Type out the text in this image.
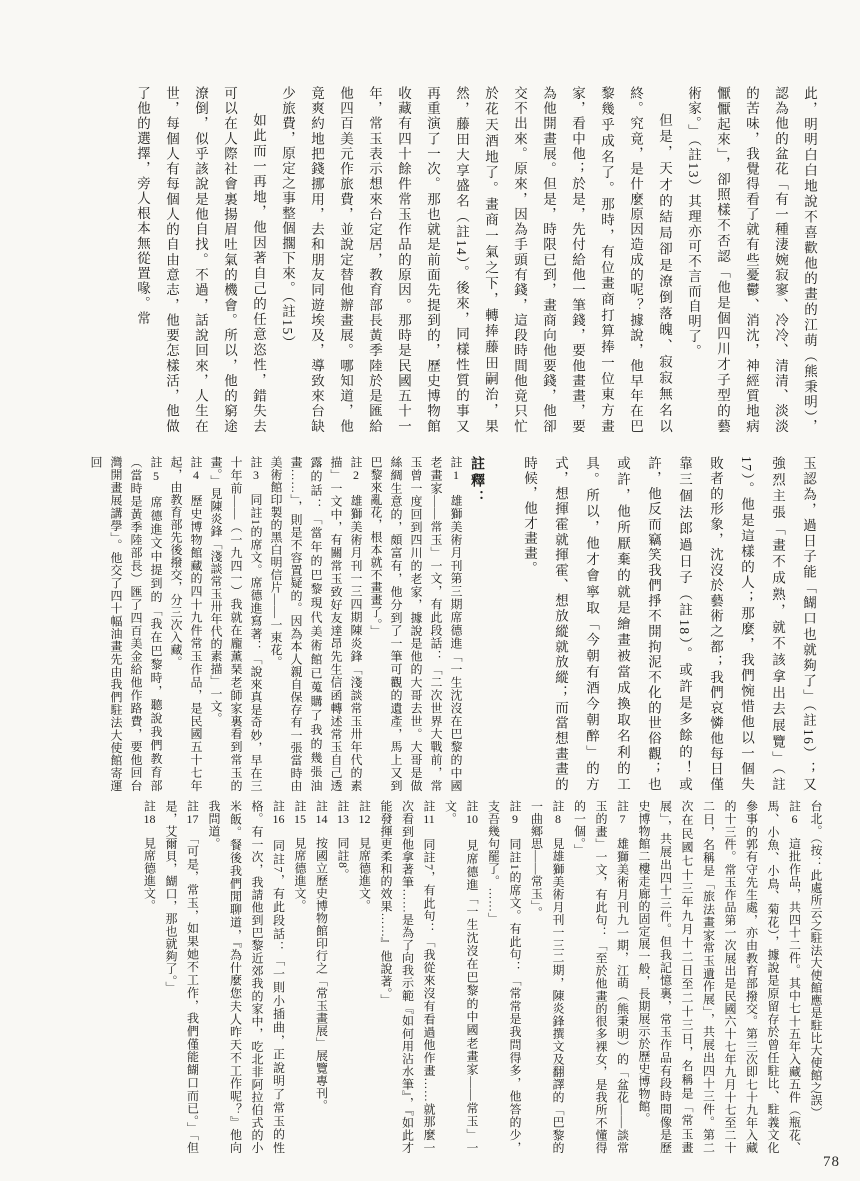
此，明明白白地說不喜歡他的畫的江萌（熊秉明），認為他的盆花「有一種淒婉寂寥、冷冷、清清、淡淡的苦味，我覺得看了就有些憂鬱、消沈，神經質地病懨懨起來」，卻照樣不否認「他是個四川才子型的藝術家。」（註13）其理亦可不言而自明了。

但是，天才的結局卻是潦倒落魄、寂寂無名以終。究竟，是什麼原因造成的呢？據說，他早年在巴黎幾乎成名了。那時，有位畫商打算捧一位東方畫家，看中他；於是，先付給他一筆錢，要他畫畫，要為他開畫展。但是，時限已到，畫商向他要錢，他卻交不出來。原來，因為手頭有錢，這段時間他竟只忙於花天酒地了。畫商一氣之下，轉捧藤田嗣治，果然，藤田大享盛名（註14）。後來，同樣性質的事又再重演了一次。那也就是前面先提到的，歷史博物館收藏有四十餘件常玉作品的原因。那時是民國五十一年，常玉表示想來台定居，教育部長黃季陸於是匯給他四百美元作旅費，並說定替他辦畫展。哪知道，他竟爽約地把錢挪用，去和朋友同遊埃及，導致來台缺少旅費，原定之事整個擱下來。（註15）

如此而一再地，他因著自己的任意恣性，錯失去可以在人際社會裏揚眉吐氣的機會。所以，他的窮途潦倒，似乎該說是他自找。不過，話說回來，人生在世，每個人有每個人的自由意志，他要怎樣活，他做了他的選擇，旁人根本無從置喙。常

玉認為，過日子能「餬口也就夠了」（註16）；又強烈主張「畫不成熟，就不該拿出去展覽」（註17）。他是這樣的人；那麼，我們惋惜他以一個失敗者的形象，沈沒於藝術之都；我們哀憐他每日僅靠三個法郎過日子（註18）。或許是多餘的！或許，他反而竊笑我們掙不開拘泥不化的世俗觀；也或許，他所厭棄的就是繪畫被當成換取名利的工具。所以，他才會寧取「今朝有酒今朝醉」的方式，想揮霍就揮霍、想放縱就放縱；而當想畫畫的時候，他才畫畫。

註釋：

註1　雄獅美術月刊第三期席德進「一生沈沒在巴黎的中國老畫家——常玉」一文，有此段話：「二次世界大戰前，常玉曾一度回到四川的老家，據說是他的大哥去世。大哥是做絲綢生意的，頗富有，他分到了一筆可觀的遺產，馬上又到巴黎來亂花，根本就不畫畫了。」

註2　雄獅美術月刊一三四期陳炎鋒「淺談常玉卅年代的素描」一文中，有關常玉致好友達昂先生信函轉述常玉自己透露的話：「當年的巴黎現代美術館已蒐購了我的幾張油畫……」，則是不容置疑的。因為本人親自保存有一張當時由美術館印製的黑白明信片——一束花。

註3　同註1的席文。席德進寫著：「說來真是奇妙，早在三十年前——（一九四一）我就在龐薰琹老師家裏看到常玉的畫。」見陳炎鋒「淺談常玉卅年代的素描」一文。

註4　歷史博物館藏的四十九件常玉作品，是民國五十七年起，由教育部先後撥交，分三次入藏。

註5　席德進文中提到的「我在巴黎時，聽說我們教育部（當時是黃季陸部長）匯了四百美金給他作路費，要他回台灣開畫展講學」。他交了四十幅油畫先由我們駐法大使館寄運回

台北。（按：此處所云之駐法大使館應是駐比大使館之誤）

註6　這批作品，共四十二件。其中七十五年入藏五件（瓶花、馬、小魚、小鳥、菊花），據說是原留存於曾任駐比、駐義文化參事的郭有守先生處，亦由教育部撥交。第三次即七十九年入藏的十三件。常玉作品第一次展出是民國六十七年九月十七至二十二日，名稱是「旅法畫家常玉遺作展」，共展出四十三件。第二次在民國七十三年九月十二日至二十三日，名稱是「常玉畫展」，共展出四十三件。但我記憶裏，常玉作品有段時間像是歷史博物館二樓走廊的固定展一般，長期展示於歷史博物館。

註7　雄獅美術月刊九一期，江萌（熊秉明）的「盆花——談常玉的畫」一文，有此句：「至於他畫的很多裸女，是我所不懂得的一個。」

註8　見雄獅美術月刊一三二期，陳炎鋒撰文及翻譯的「巴黎的一曲鄉思——常玉」。

註9　同註1的席文。有此句：「常常是我問得多，他答的少，支吾幾句罷了。……」

註10　見席德進「一生沈沒在巴黎的中國老畫家——常玉」一文。

註11　同註7，有此句：「我從來沒有看過他作畫……就那麼一次看到他拿著筆……是為了向我示範『如何用沾水筆』，『如此才能發揮更柔和的效果……』他說著。」

註12　見席德進文。

註13　同註8。

註14　按國立歷史博物館印行之「常玉畫展」展覽專刊。

註15　見席德進文。

註16　同註7，有此段話：「一則小插曲，正說明了常玉的性格。有一次，我請他到巴黎近郊我的家中，吃北非阿拉伯式的小米飯。餐後我們閒聊道，『為什麼您夫人昨天不工作呢？』他向我問道。

註17　「可是，常玉，如果她不工作，我們僅能餬口而已。」「但是，艾爾貝，餬口，那也就夠了。」

註18　見席德進文。

78
